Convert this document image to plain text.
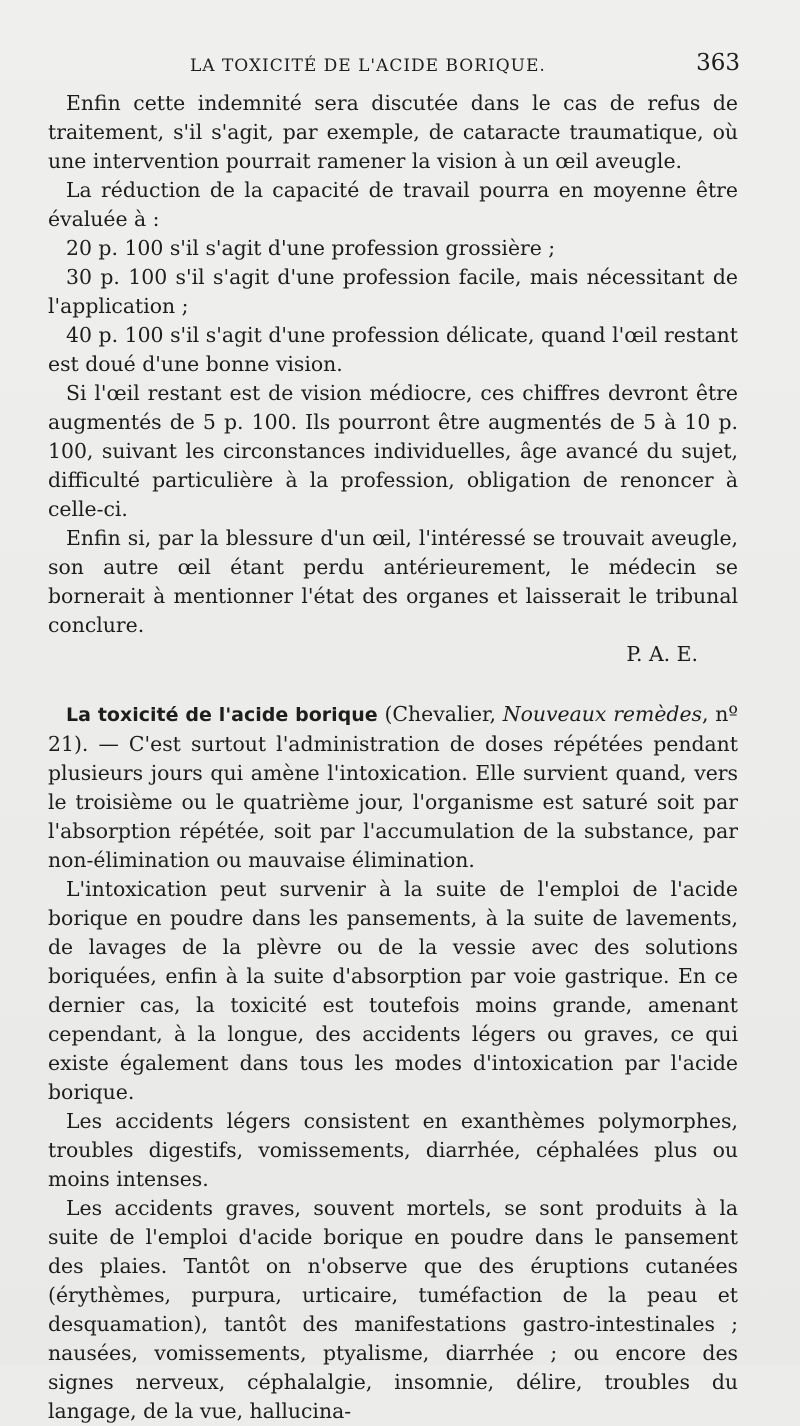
LA TOXICITÉ DE L'ACIDE BORIQUE.	363

Enfin cette indemnité sera discutée dans le cas de refus de traitement, s'il s'agit, par exemple, de cataracte traumatique, où une intervention pourrait ramener la vision à un œil aveugle.

La réduction de la capacité de travail pourra en moyenne être évaluée à :

20 p. 100 s'il s'agit d'une profession grossière ;

30 p. 100 s'il s'agit d'une profession facile, mais nécessitant de l'application ;

40 p. 100 s'il s'agit d'une profession délicate, quand l'œil restant est doué d'une bonne vision.

Si l'œil restant est de vision médiocre, ces chiffres devront être augmentés de 5 p. 100. Ils pourront être augmentés de 5 à 10 p. 100, suivant les circonstances individuelles, âge avancé du sujet, difficulté particulière à la profession, obligation de renoncer à celle-ci.

Enfin si, par la blessure d'un œil, l'intéressé se trouvait aveugle, son autre œil étant perdu antérieurement, le médecin se bornerait à mentionner l'état des organes et laisserait le tribunal conclure.

P. A. E.

La toxicité de l'acide borique (Chevalier, Nouveaux remèdes, nº 21). — C'est surtout l'administration de doses répétées pendant plusieurs jours qui amène l'intoxication. Elle survient quand, vers le troisième ou le quatrième jour, l'organisme est saturé soit par l'absorption répétée, soit par l'accumulation de la substance, par non-élimination ou mauvaise élimination.

L'intoxication peut survenir à la suite de l'emploi de l'acide borique en poudre dans les pansements, à la suite de lavements, de lavages de la plèvre ou de la vessie avec des solutions boriquées, enfin à la suite d'absorption par voie gastrique. En ce dernier cas, la toxicité est toutefois moins grande, amenant cependant, à la longue, des accidents légers ou graves, ce qui existe également dans tous les modes d'intoxication par l'acide borique.

Les accidents légers consistent en exanthèmes polymorphes, troubles digestifs, vomissements, diarrhée, céphalées plus ou moins intenses.

Les accidents graves, souvent mortels, se sont produits à la suite de l'emploi d'acide borique en poudre dans le pansement des plaies. Tantôt on n'observe que des éruptions cutanées (érythèmes, purpura, urticaire, tuméfaction de la peau et desquamation), tantôt des manifestations gastro-intestinales ; nausées, vomissements, ptyalisme, diarrhée ; ou encore des signes nerveux, céphalalgie, insomnie, délire, troubles du langage, de la vue, hallucina-
